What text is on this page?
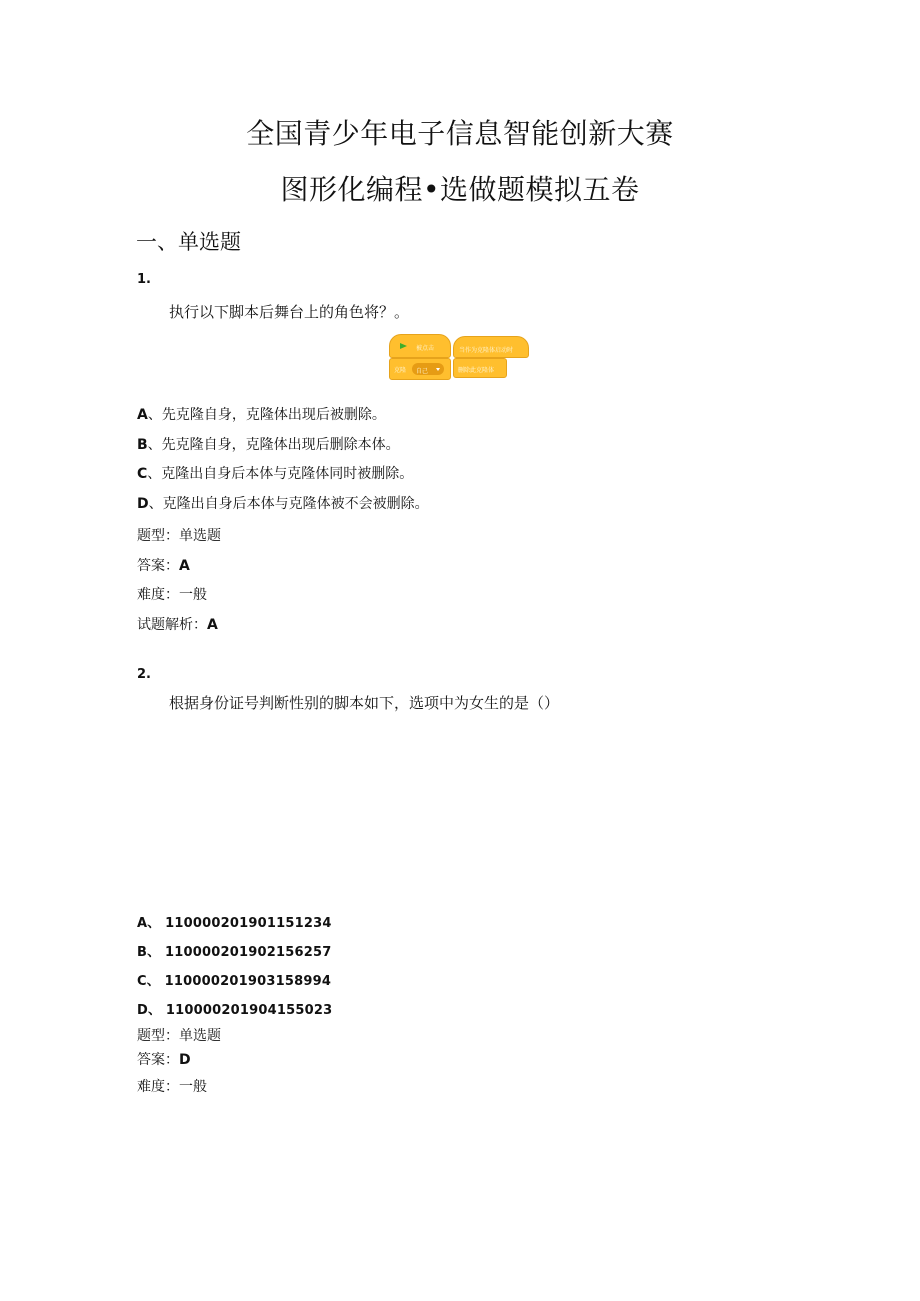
全国青少年电子信息智能创新大赛
图形化编程•选做题模拟五卷
一、单选题
1.
执行以下脚本后舞台上的角色将？。
被点击
克隆 自己
当作为克隆体启动时
删除此克隆体
A、先克隆自身，克隆体出现后被删除。
B、先克隆自身，克隆体出现后删除本体。
C、克隆出自身后本体与克隆体同时被删除。
D、克隆出自身后本体与克隆体被不会被删除。
题型：单选题
答案：A
难度：一般
试题解析：A
2.
根据身份证号判断性别的脚本如下，选项中为女生的是（）
A、 110000201901151234
B、 110000201902156257
C、 110000201903158994
D、 110000201904155023
题型：单选题
答案：D
难度：一般
